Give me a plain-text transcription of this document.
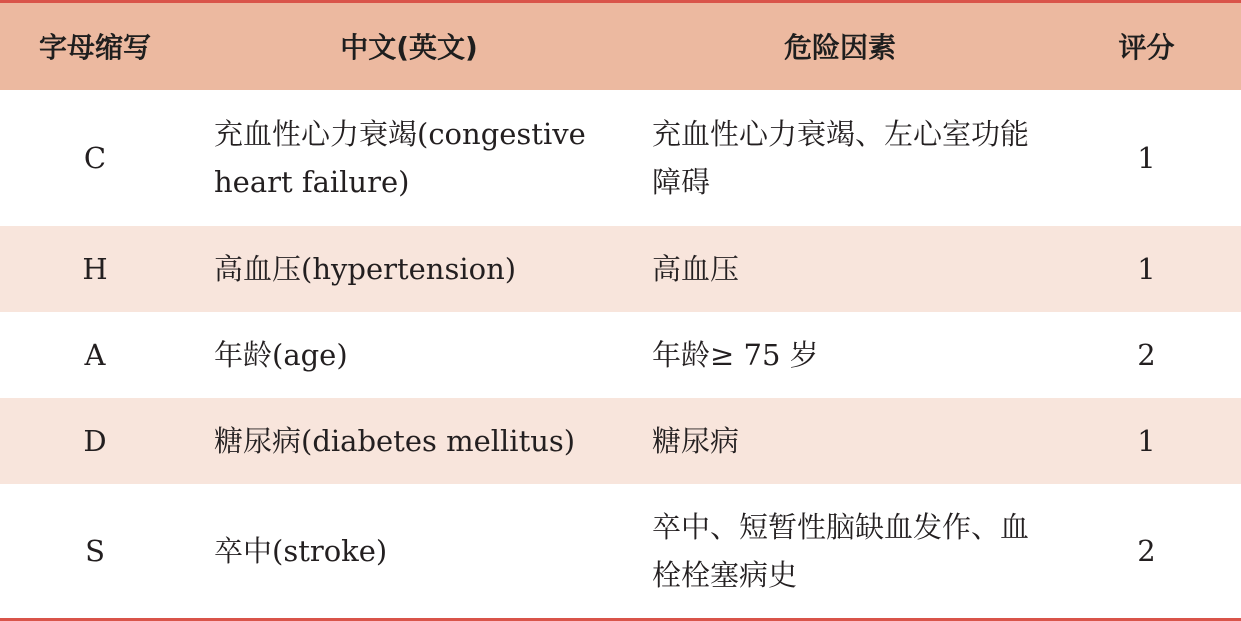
字母缩写	中文(英文)	危险因素	评分
C	充血性心力衰竭(congestive heart failure)	充血性心力衰竭、左心室功能障碍	1
H	高血压(hypertension)	高血压	1
A	年龄(age)	年龄≥ 75 岁	2
D	糖尿病(diabetes mellitus)	糖尿病	1
S	卒中(stroke)	卒中、短暂性脑缺血发作、血栓栓塞病史	2
